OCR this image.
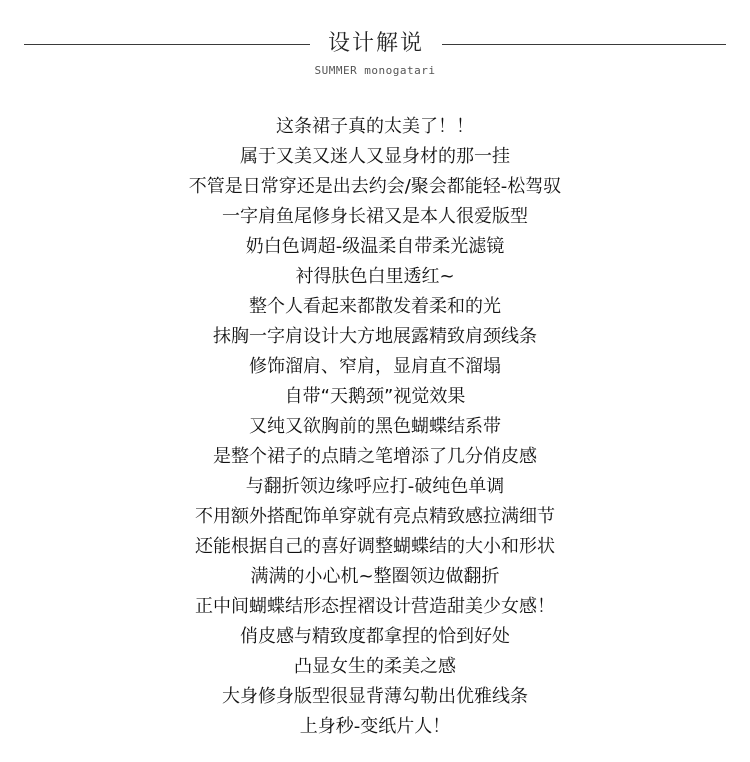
设计解说
SUMMER monogatari
这条裙子真的太美了！！
属于又美又迷人又显身材的那一挂
不管是日常穿还是出去约会/聚会都能轻-松驾驭
一字肩鱼尾修身长裙又是本人很爱版型
奶白色调超-级温柔自带柔光滤镜
衬得肤色白里透红~
整个人看起来都散发着柔和的光
抹胸一字肩设计大方地展露精致肩颈线条
修饰溜肩、窄肩，显肩直不溜塌
自带“天鹅颈”视觉效果
又纯又欲胸前的黑色蝴蝶结系带
是整个裙子的点睛之笔增添了几分俏皮感
与翻折领边缘呼应打-破纯色单调
不用额外搭配饰单穿就有亮点精致感拉满细节
还能根据自己的喜好调整蝴蝶结的大小和形状
满满的小心机~整圈领边做翻折
正中间蝴蝶结形态捏褶设计营造甜美少女感！
俏皮感与精致度都拿捏的恰到好处
凸显女生的柔美之感
大身修身版型很显背薄勾勒出优雅线条
上身秒-变纸片人！
